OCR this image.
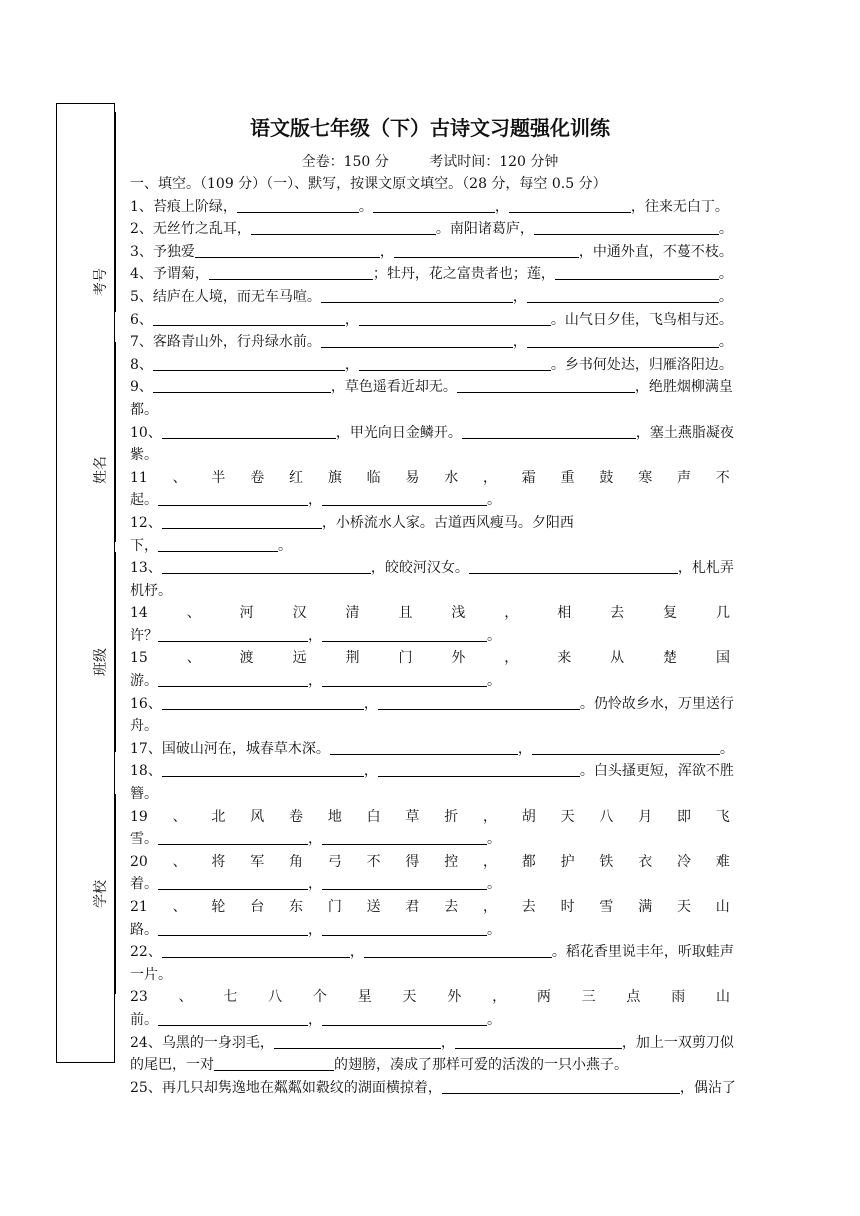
考号
姓名
班级
学校
语文版七年级（下）古诗文习题强化训练

全卷：150 分	考试时间：120 分钟

一、填空。（109 分）（一）、默写，按课文原文填空。（28 分，每空 0.5 分）

1、苔痕上阶绿，	。	，	，往来无白丁。
2、无丝竹之乱耳，	。南阳诸葛庐，	。
3、予独爱	，	，中通外直，不蔓不枝。
4、予谓菊，	；牡丹，花之富贵者也；莲，	。
5、结庐在人境，而无车马喧。	，	。
6、	，	。山气日夕佳，飞鸟相与还。
7、客路青山外，行舟绿水前。	，	。
8、	，	。乡书何处达，归雁洛阳边。
9、	，草色遥看近却无。	，绝胜烟柳满皇
都。
10、	，甲光向日金鳞开。	，塞土燕脂凝夜
紫。
11 、 半 卷 红 旗 临 易 水 ， 霜 重 鼓 寒 声 不
起。	，	。
12、	，小桥流水人家。古道西风瘦马。夕阳西
下，	。
13、	，皎皎河汉女。	，札札弄
机杼。
14	、	河	汉	清	且	浅	，	相	去	复	几
许？	，	。
15	、	渡	远	荆	门	外	，	来	从	楚	国
游。	，	。
16、	，	。仍怜故乡水，万里送行
舟。
17、国破山河在，城春草木深。	，	。
18、	，	。白头搔更短，浑欲不胜
簪。
19 、 北 风 卷 地 白 草 折 ， 胡 天 八 月 即 飞
雪。	，	。
20 、 将 军 角 弓 不 得 控 ， 都 护 铁 衣 冷 难
着。	，	。
21 、 轮 台 东 门 送 君 去 ， 去 时 雪 满 天 山
路。	，	。
22、	，	。稻花香里说丰年，听取蛙声
一片。
23 、 七 八 个 星 天 外 ， 两 三 点 雨 山
前。	，	。
24、乌黑的一身羽毛，	，	，加上一双剪刀似
的尾巴，一对	的翅膀，凑成了那样可爱的活泼的一只小燕子。
25、再几只却隽逸地在粼粼如縠纹的湖面横掠着，	，偶沾了
